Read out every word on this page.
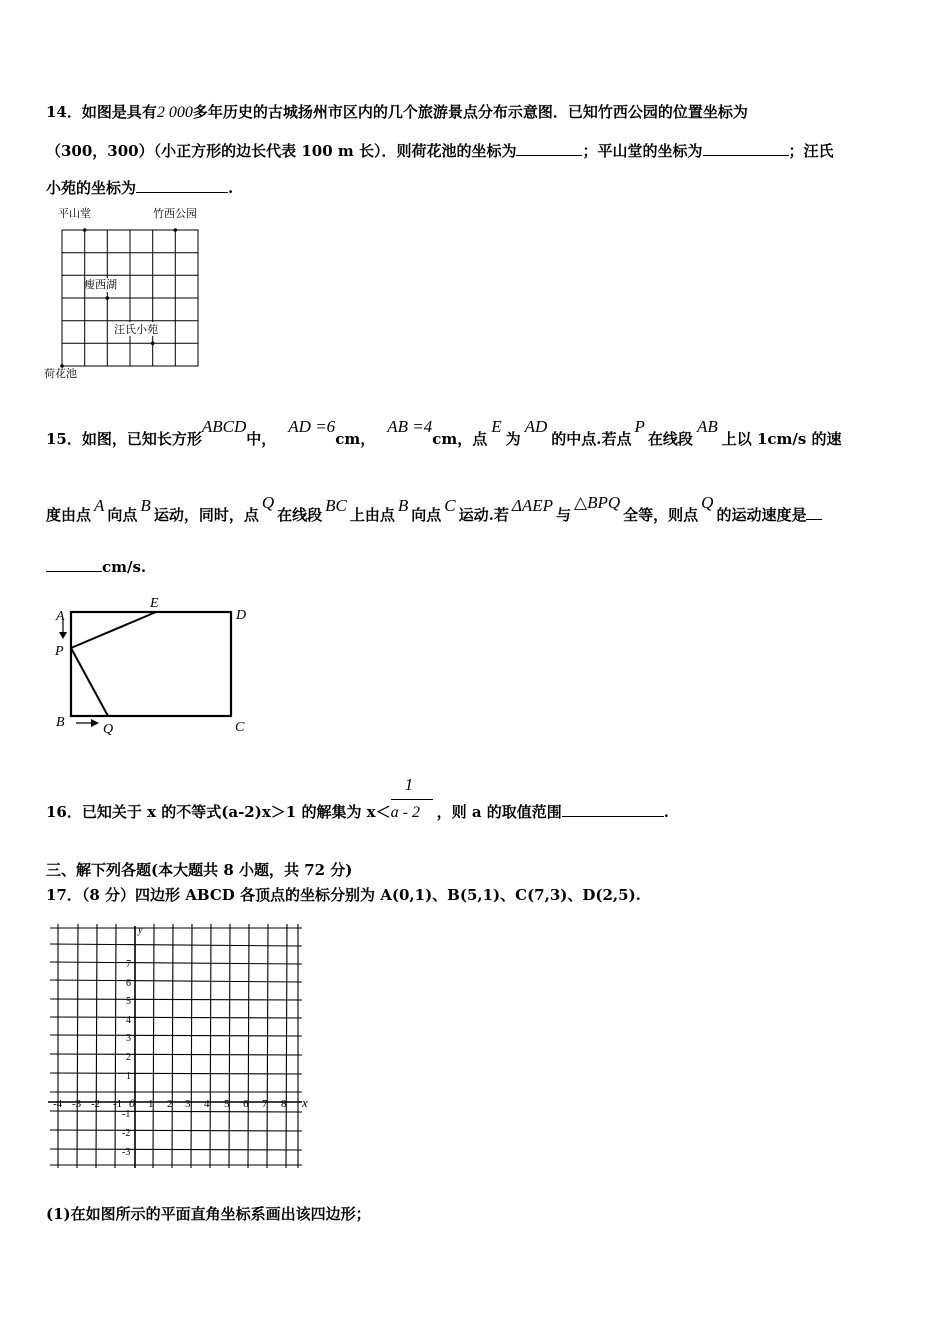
14．如图是具有2 000多年历史的古城扬州市区内的几个旅游景点分布示意图．已知竹西公园的位置坐标为
（300，300）（小正方形的边长代表 100 m 长）．则荷花池的坐标为	；平山堂的坐标为	；汪氏
小苑的坐标为	.
平山堂	竹西公园
瘦西湖
汪氏小苑
荷花池
15．如图，已知长方形ABCD中，AD =6cm，AB =4cm，点E为AD的中点.若点P在线段AB上以 1cm/s 的速
度由点 A 向点 B 运动，同时，点Q在线段 BC 上由点 B 向点 C 运动.若 ΔAEP 与△BPQ全等，则点Q的运动速度是
cm/s.
A
E
D
P
B	Q	C
16．已知关于 x 的不等式(a-2)x＞1 的解集为 $x< \frac{1}{a - 2}$ ，则 a 的取值范围	.
三、解下列各题(本大题共 8 小题，共 72 分)
17．（8 分）四边形 ABCD 各顶点的坐标分别为 A(0,1)、B(5,1)、C(7,3)、D(2,5).
y
x
0
-4 -3 -2 -1 1 2 3 4 5 6 7 8
7
6
5
4
3
2
1
-1
-2
-3
(1)在如图所示的平面直角坐标系画出该四边形；
